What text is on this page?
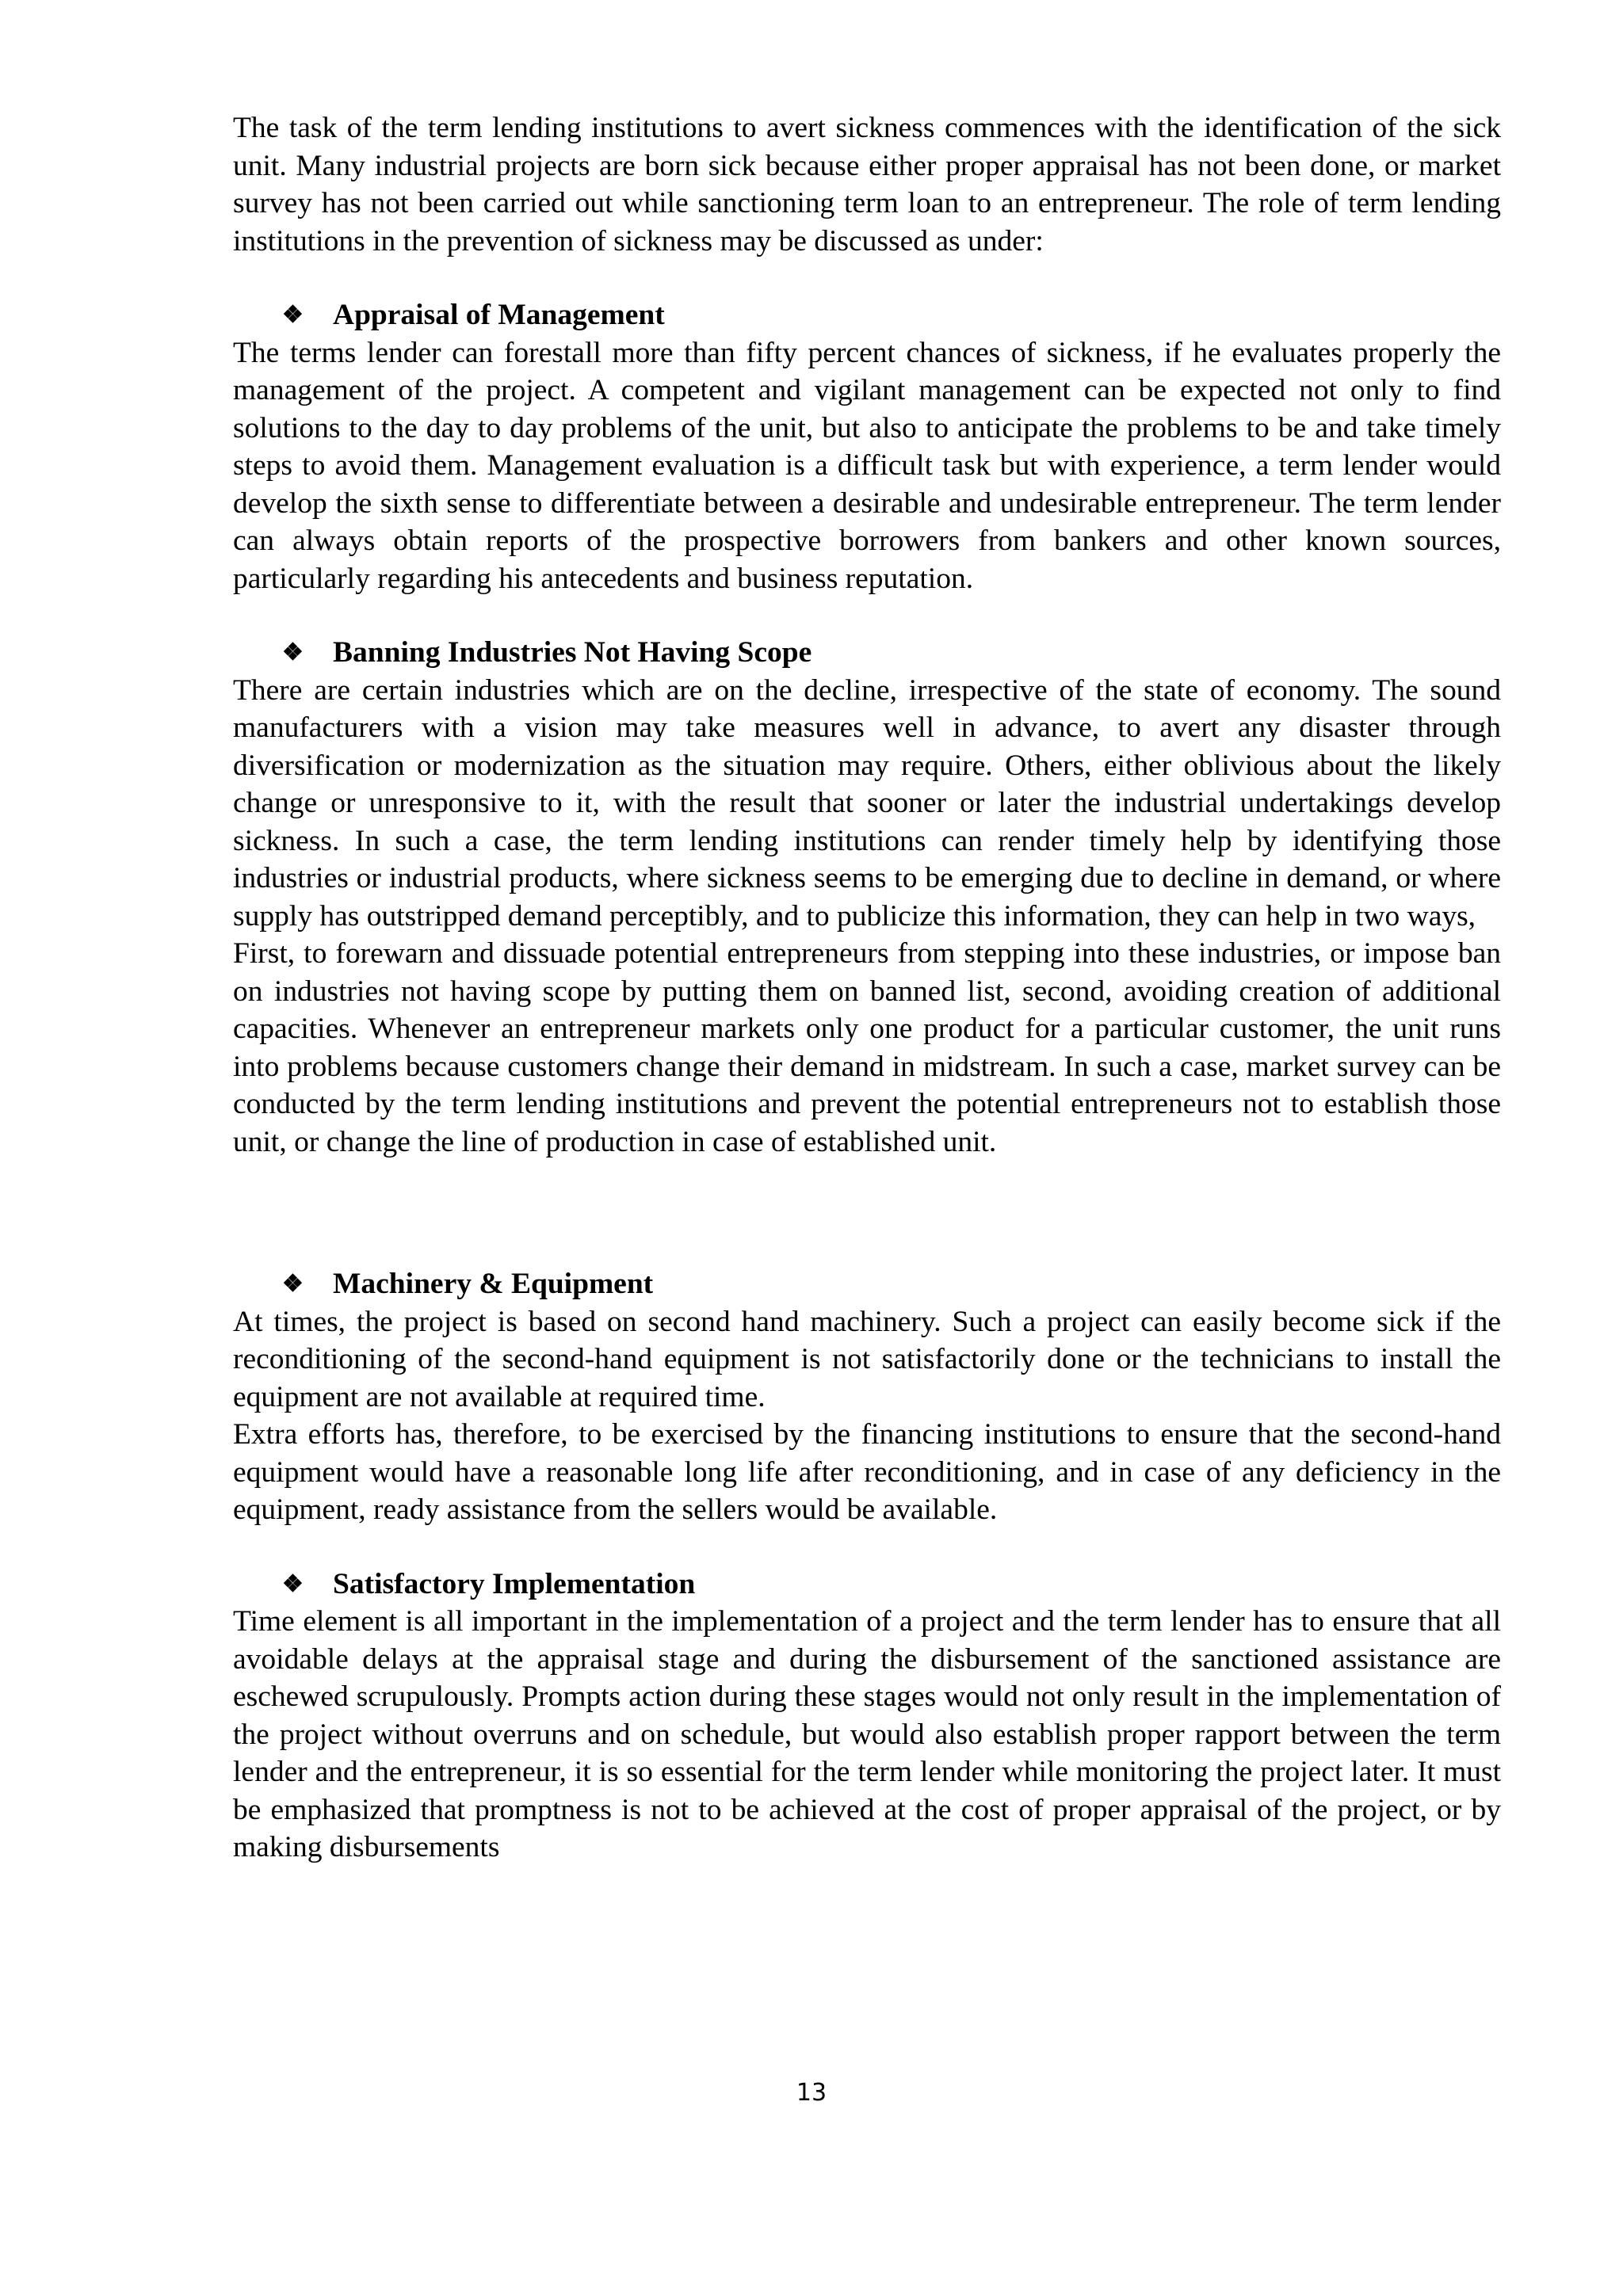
The task of the term lending institutions to avert sickness commences with the identification of the sick unit. Many industrial projects are born sick because either proper appraisal has not been done, or market survey has not been carried out while sanctioning term loan to an entrepreneur. The role of term lending institutions in the prevention of sickness may be discussed as under:

❖ Appraisal of Management

The terms lender can forestall more than fifty percent chances of sickness, if he evaluates properly the management of the project. A competent and vigilant management can be expected not only to find solutions to the day to day problems of the unit, but also to anticipate the problems to be and take timely steps to avoid them. Management evaluation is a difficult task but with experience, a term lender would develop the sixth sense to differentiate between a desirable and undesirable entrepreneur. The term lender can always obtain reports of the prospective borrowers from bankers and other known sources, particularly regarding his antecedents and business reputation.

❖ Banning Industries Not Having Scope

There are certain industries which are on the decline, irrespective of the state of economy. The sound manufacturers with a vision may take measures well in advance, to avert any disaster through diversification or modernization as the situation may require. Others, either oblivious about the likely change or unresponsive to it, with the result that sooner or later the industrial undertakings develop sickness. In such a case, the term lending institutions can render timely help by identifying those industries or industrial products, where sickness seems to be emerging due to decline in demand, or where supply has outstripped demand perceptibly, and to publicize this information, they can help in two ways,

First, to forewarn and dissuade potential entrepreneurs from stepping into these industries, or impose ban on industries not having scope by putting them on banned list, second, avoiding creation of additional capacities. Whenever an entrepreneur markets only one product for a particular customer, the unit runs into problems because customers change their demand in midstream. In such a case, market survey can be conducted by the term lending institutions and prevent the potential entrepreneurs not to establish those unit, or change the line of production in case of established unit.

❖ Machinery & Equipment

At times, the project is based on second hand machinery. Such a project can easily become sick if the reconditioning of the second-hand equipment is not satisfactorily done or the technicians to install the equipment are not available at required time.

Extra efforts has, therefore, to be exercised by the financing institutions to ensure that the second-hand equipment would have a reasonable long life after reconditioning, and in case of any deficiency in the equipment, ready assistance from the sellers would be available.

❖ Satisfactory Implementation

Time element is all important in the implementation of a project and the term lender has to ensure that all avoidable delays at the appraisal stage and during the disbursement of the sanctioned assistance are eschewed scrupulously. Prompts action during these stages would not only result in the implementation of the project without overruns and on schedule, but would also establish proper rapport between the term lender and the entrepreneur, it is so essential for the term lender while monitoring the project later. It must be emphasized that promptness is not to be achieved at the cost of proper appraisal of the project, or by making disbursements

13
